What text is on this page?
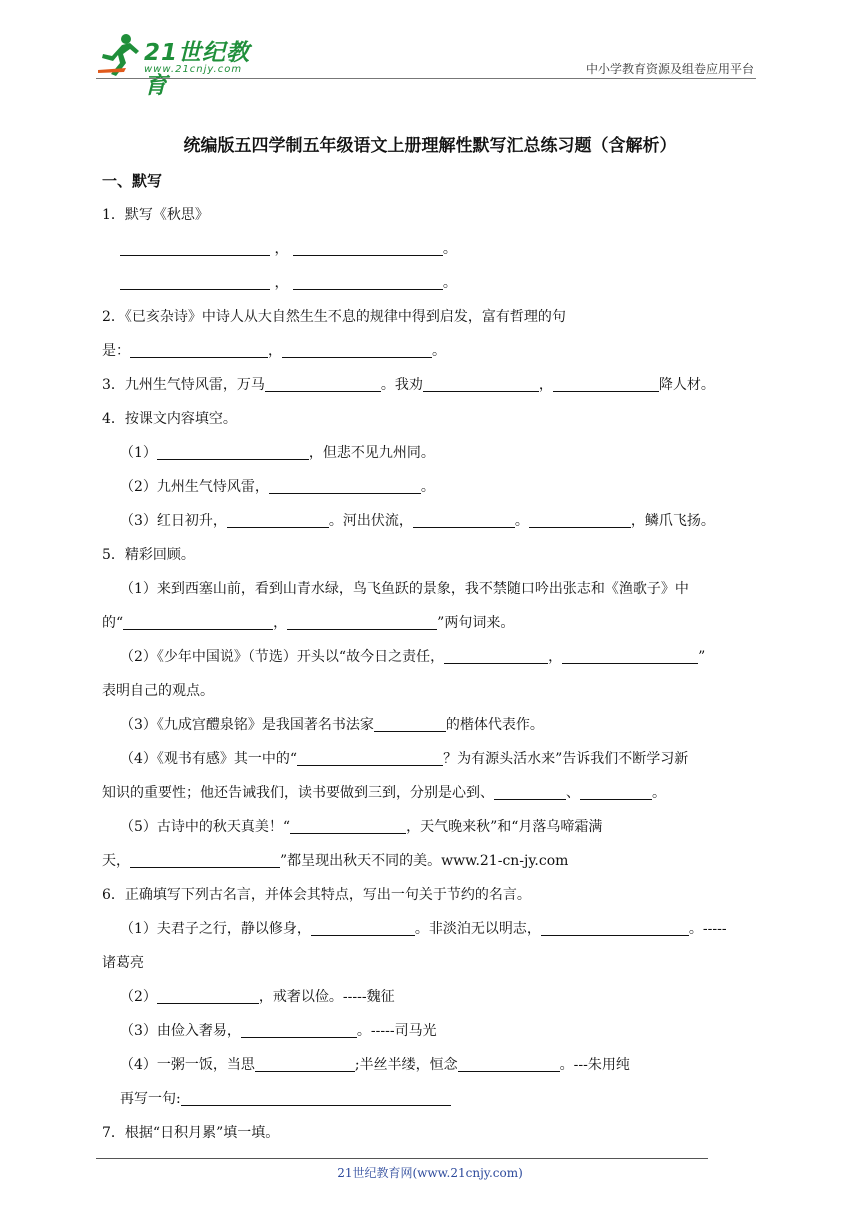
21世纪教育
www.21cnjy.com	中小学教育资源及组卷应用平台
统编版五四学制五年级语文上册理解性默写汇总练习题（含解析）
一、默写
1．默写《秋思》
，	。
，	。
2．《已亥杂诗》中诗人从大自然生生不息的规律中得到启发，富有哲理的句
是：	，	。
3．九州生气恃风雷，万马	。我劝	，	降人材。
4．按课文内容填空。
（1）	，但悲不见九州同。
（2）九州生气恃风雷，	。
（3）红日初升，	。河出伏流，	。	，鳞爪飞扬。
5．精彩回顾。
（1）来到西塞山前，看到山青水绿，鸟飞鱼跃的景象，我不禁随口吟出张志和《渔歌子》中
的“	，	”两句词来。
（2）《少年中国说》（节选）开头以“故今日之责任，	，	”
表明自己的观点。
（3）《九成宫醴泉铭》是我国著名书法家	的楷体代表作。
（4）《观书有感》其一中的“	？为有源头活水来”告诉我们不断学习新
知识的重要性；他还告诫我们，读书要做到三到，分别是心到、	、	。
（5）古诗中的秋天真美！“	，天气晚来秋”和“月落乌啼霜满
天，	”都呈现出秋天不同的美。www.21-cn-jy.com
6．正确填写下列古名言，并体会其特点，写出一句关于节约的名言。
（1）夫君子之行，静以修身，	。非淡泊无以明志，	。-----
诸葛亮
（2）	，戒奢以俭。-----魏征
（3）由俭入奢易，	。-----司马光
（4）一粥一饭，当思	;半丝半缕，恒念	。---朱用纯
再写一句:
7．根据“日积月累”填一填。
21世纪教育网(www.21cnjy.com)
